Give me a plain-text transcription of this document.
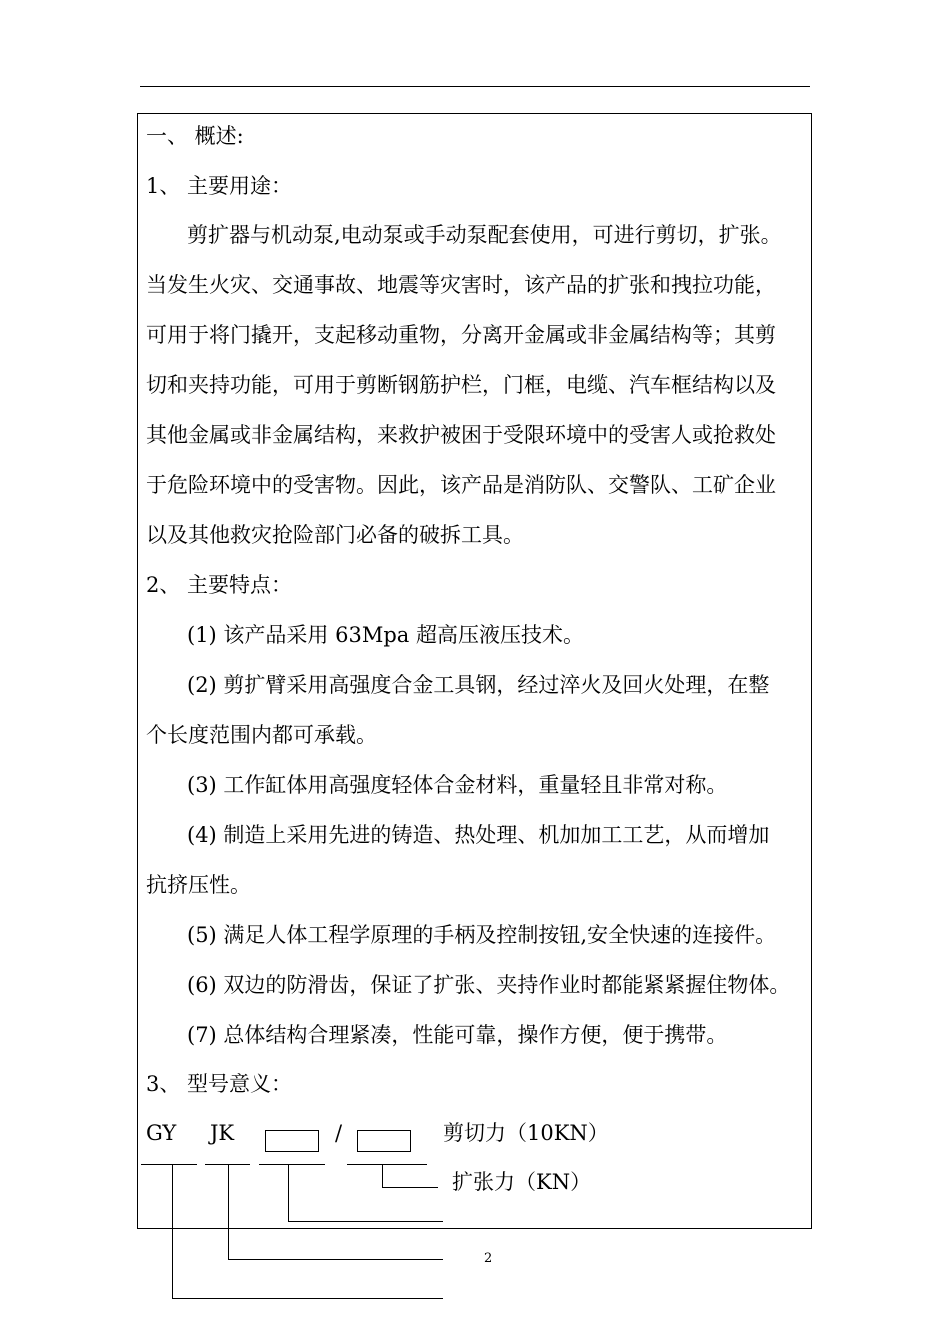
一、 概述:
1、 主要用途：
剪扩器与机动泵,电动泵或手动泵配套使用，可进行剪切，扩张。
当发生火灾、交通事故、地震等灾害时，该产品的扩张和拽拉功能，
可用于将门撬开，支起移动重物，分离开金属或非金属结构等；其剪
切和夹持功能，可用于剪断钢筋护栏，门框，电缆、汽车框结构以及
其他金属或非金属结构，来救护被困于受限环境中的受害人或抢救处
于危险环境中的受害物。因此，该产品是消防队、交警队、工矿企业
以及其他救灾抢险部门必备的破拆工具。
2、 主要特点：
(1) 该产品采用 63Mpa 超高压液压技术。
(2) 剪扩臂采用高强度合金工具钢，经过淬火及回火处理，在整
个长度范围内都可承载。
(3) 工作缸体用高强度轻体合金材料，重量轻且非常对称。
(4) 制造上采用先进的铸造、热处理、机加加工工艺，从而增加
抗挤压性。
(5) 满足人体工程学原理的手柄及控制按钮,安全快速的连接件。
(6) 双边的防滑齿，保证了扩张、夹持作业时都能紧紧握住物体。
(7) 总体结构合理紧凑，性能可靠，操作方便，便于携带。
3、 型号意义：
GY JK	/	剪切力（10KN）
扩张力（KN）
2
